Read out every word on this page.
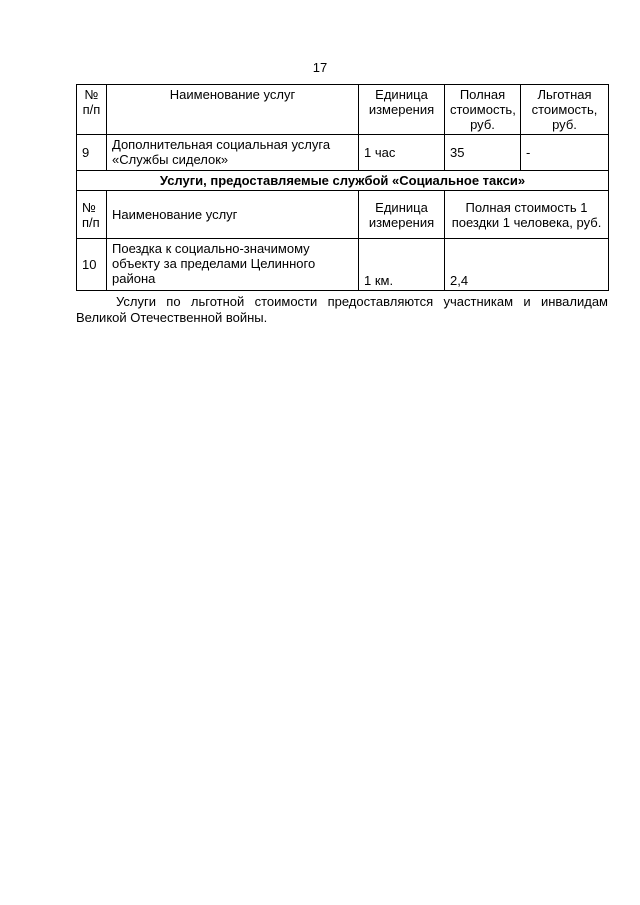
17
№ п/п	Наименование услуг	Единица измерения	Полная стоимость, руб.	Льготная стоимость, руб.
9	Дополнительная социальная услуга «Службы сиделок»	1 час	35	-
Услуги, предоставляемые службой «Социальное такси»				
№ п/п	Наименование услуг	Единица измерения	Полная стоимость 1 поездки 1 человека, руб.	
10	Поездка к социально-значимому объекту за пределами Целинного района	1 км.	2,4	

Услуги по льготной стоимости предоставляются участникам и инвалидам Великой Отечественной войны.
